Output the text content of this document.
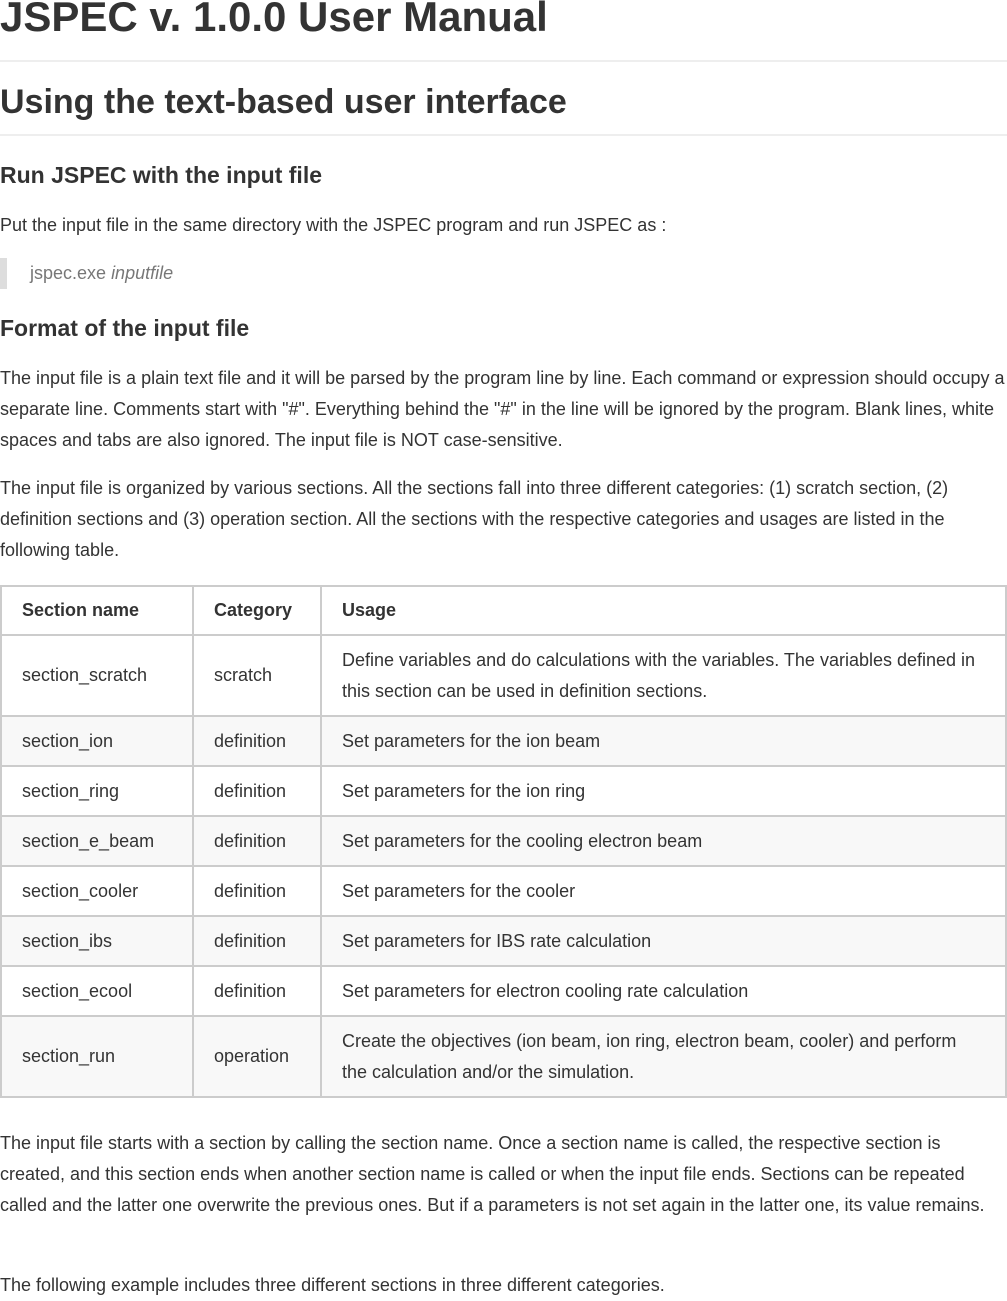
JSPEC v. 1.0.0 User Manual
Using the text-based user interface
Run JSPEC with the input file

Put the input file in the same directory with the JSPEC program and run JSPEC as :

jspec.exe inputfile
Format of the input file

The input file is a plain text file and it will be parsed by the program line by line. Each command or expression should occupy a separate line. Comments start with "#". Everything behind the "#" in the line will be ignored by the program. Blank lines, white spaces and tabs are also ignored. The input file is NOT case-sensitive.

The input file is organized by various sections. All the sections fall into three different categories: (1) scratch section, (2) definition sections and (3) operation section. All the sections with the respective categories and usages are listed in the following table.

Section name	Category	Usage
section_scratch	scratch	Define variables and do calculations with the variables. The variables defined in this section can be used in definition sections.
section_ion	definition	Set parameters for the ion beam
section_ring	definition	Set parameters for the ion ring
section_e_beam	definition	Set parameters for the cooling electron beam
section_cooler	definition	Set parameters for the cooler
section_ibs	definition	Set parameters for IBS rate calculation
section_ecool	definition	Set parameters for electron cooling rate calculation
section_run	operation	Create the objectives (ion beam, ion ring, electron beam, cooler) and perform the calculation and/or the simulation.

The input file starts with a section by calling the section name. Once a section name is called, the respective section is created, and this section ends when another section name is called or when the input file ends. Sections can be repeated called and the latter one overwrite the previous ones. But if a parameters is not set again in the latter one, its value remains.

The following example includes three different sections in three different categories.
